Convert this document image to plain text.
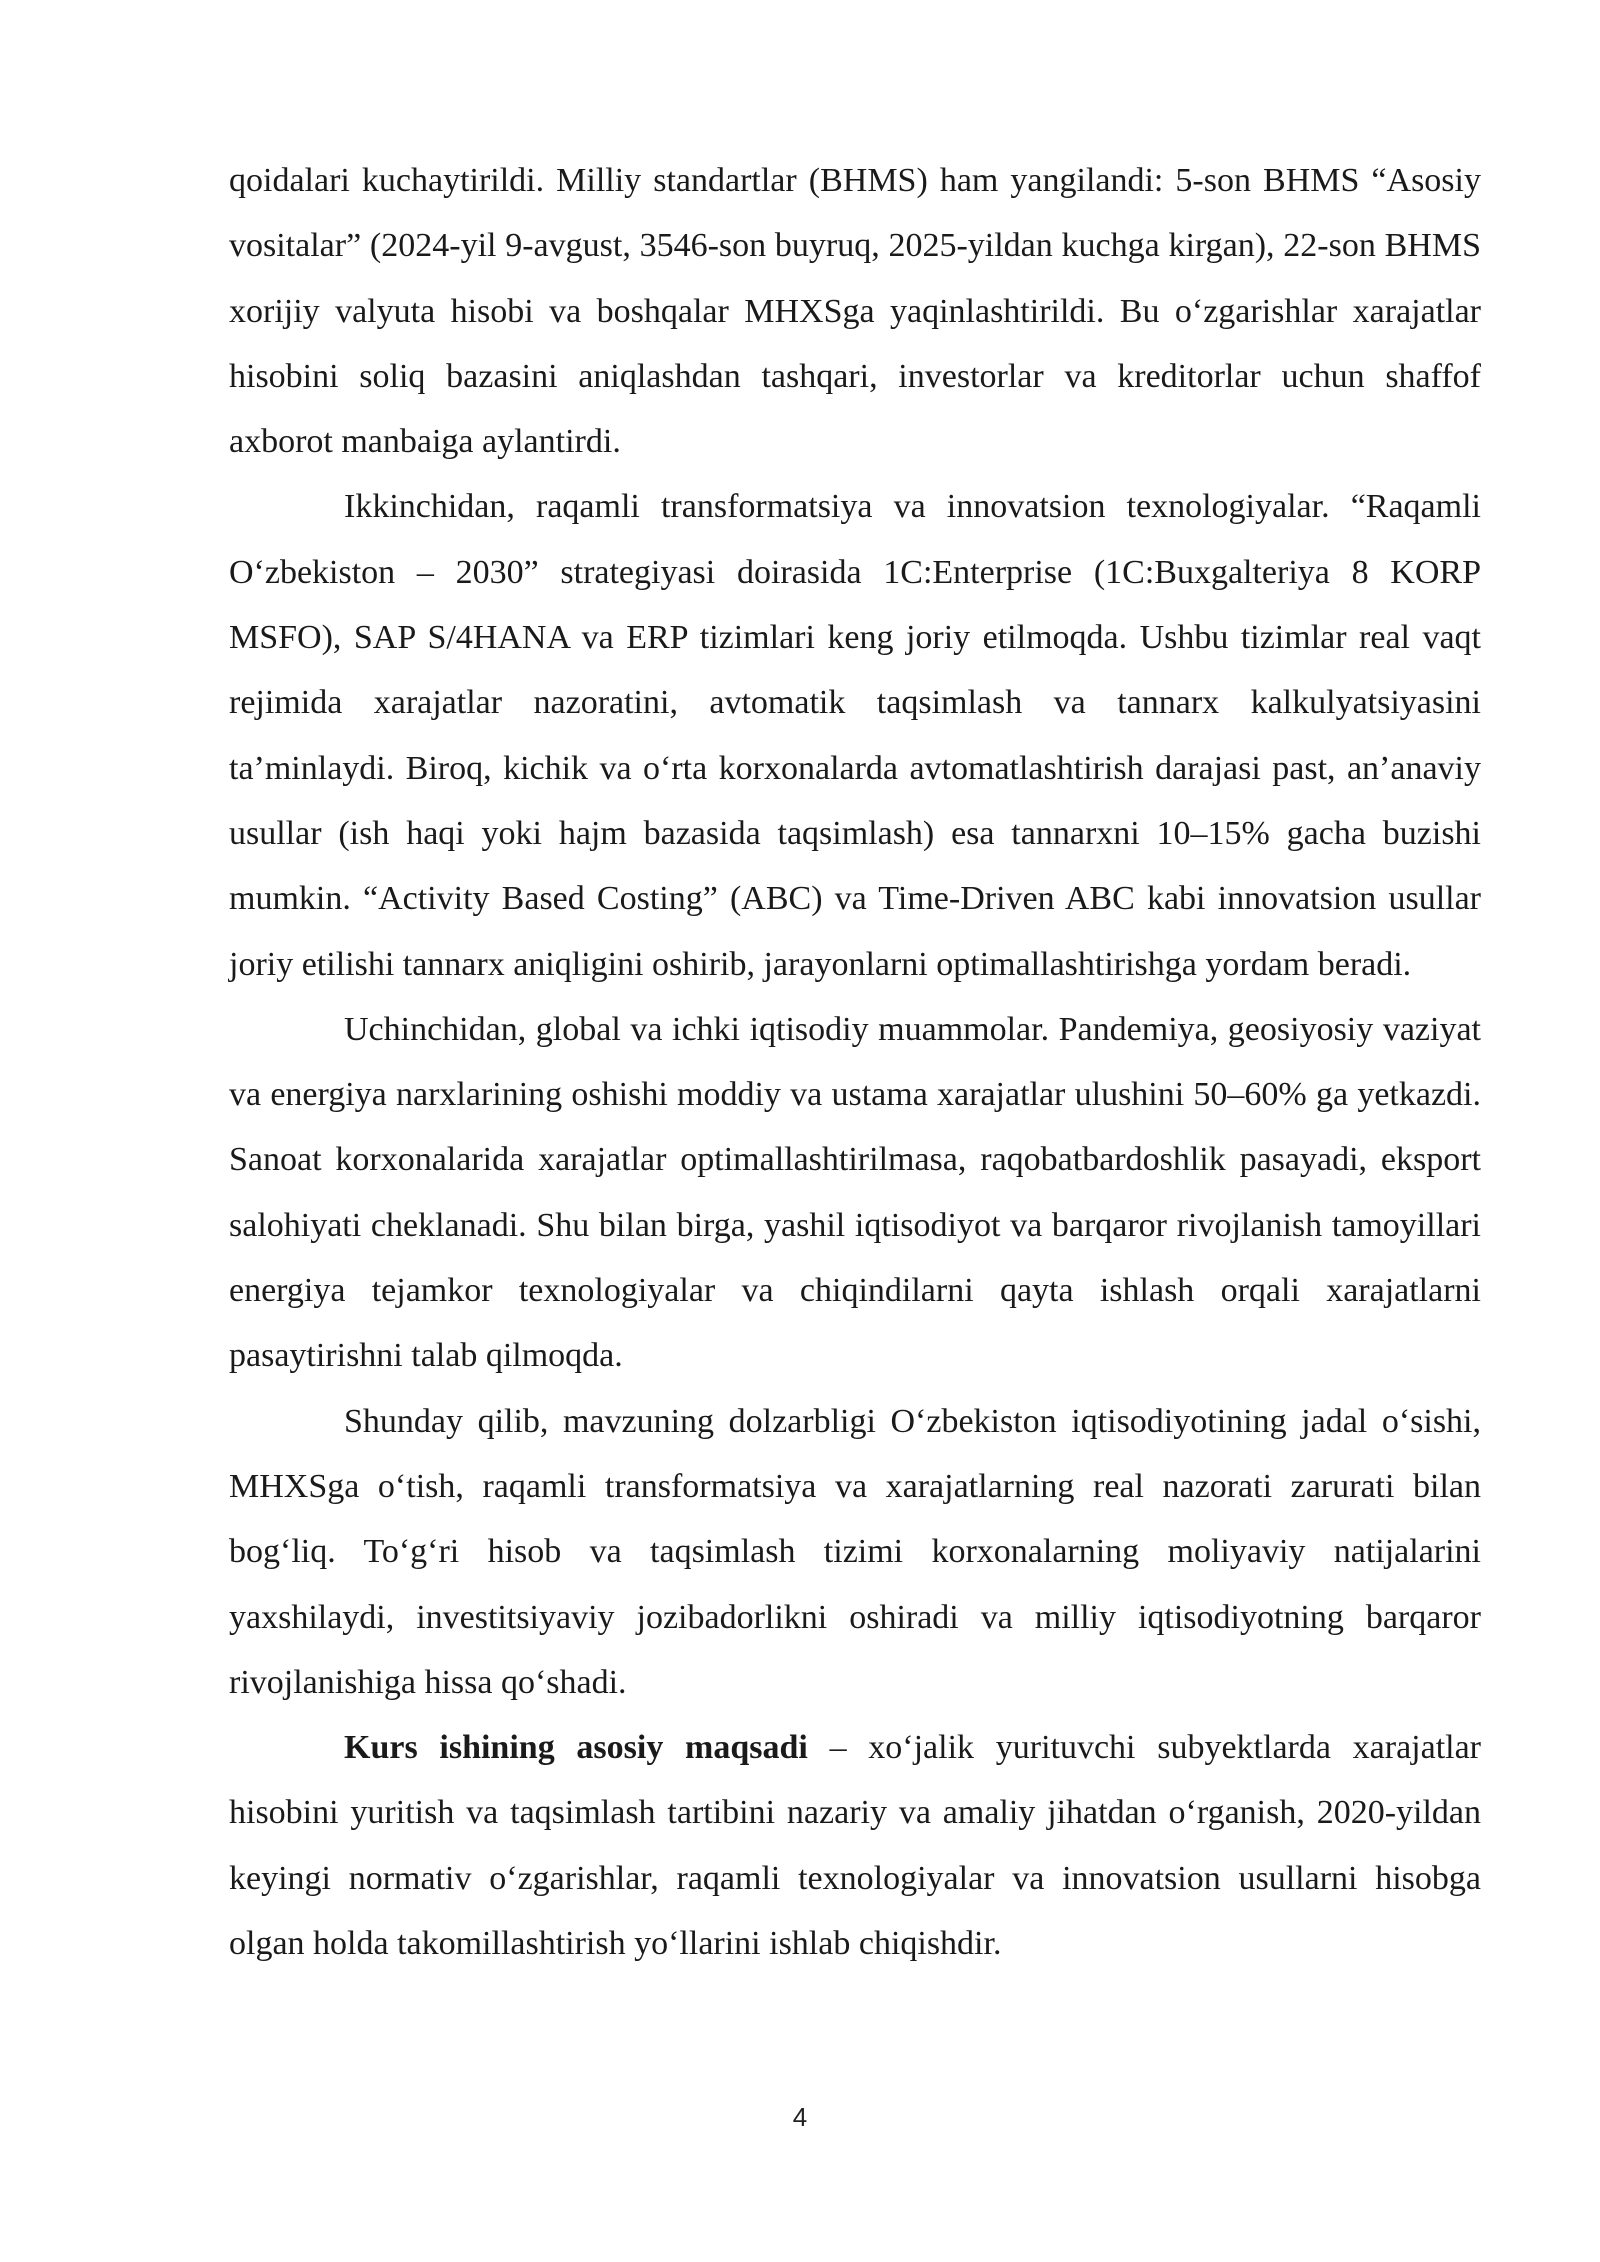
qoidalari kuchaytirildi. Milliy standartlar (BHMS) ham yangilandi: 5-son BHMS “Asosiy vositalar” (2024-yil 9-avgust, 3546-son buyruq, 2025-yildan kuchga kirgan), 22-son BHMS xorijiy valyuta hisobi va boshqalar MHXSga yaqinlashtirildi. Bu oʻzgarishlar xarajatlar hisobini soliq bazasini aniqlashdan tashqari, investorlar va kreditorlar uchun shaffof axborot manbaiga aylantirdi.

Ikkinchidan, raqamli transformatsiya va innovatsion texnologiyalar. “Raqamli Oʻzbekiston – 2030” strategiyasi doirasida 1C:Enterprise (1C:Buxgalteriya 8 KORP MSFO), SAP S/4HANA va ERP tizimlari keng joriy etilmoqda. Ushbu tizimlar real vaqt rejimida xarajatlar nazoratini, avtomatik taqsimlash va tannarx kalkulyatsiyasini ta’minlaydi. Biroq, kichik va oʻrta korxonalarda avtomatlashtirish darajasi past, an’anaviy usullar (ish haqi yoki hajm bazasida taqsimlash) esa tannarxni 10–15% gacha buzishi mumkin. “Activity Based Costing” (ABC) va Time-Driven ABC kabi innovatsion usullar joriy etilishi tannarx aniqligini oshirib, jarayonlarni optimallashtirishga yordam beradi.

Uchinchidan, global va ichki iqtisodiy muammolar. Pandemiya, geosiyosiy vaziyat va energiya narxlarining oshishi moddiy va ustama xarajatlar ulushini 50–60% ga yetkazdi. Sanoat korxonalarida xarajatlar optimallashtirilmasa, raqobatbardoshlik pasayadi, eksport salohiyati cheklanadi. Shu bilan birga, yashil iqtisodiyot va barqaror rivojlanish tamoyillari energiya tejamkor texnologiyalar va chiqindilarni qayta ishlash orqali xarajatlarni pasaytirishni talab qilmoqda.

Shunday qilib, mavzuning dolzarbligi Oʻzbekiston iqtisodiyotining jadal oʻsishi, MHXSga oʻtish, raqamli transformatsiya va xarajatlarning real nazorati zarurati bilan bogʻliq. Toʻgʻri hisob va taqsimlash tizimi korxonalarning moliyaviy natijalarini yaxshilaydi, investitsiyaviy jozibadorlikni oshiradi va milliy iqtisodiyotning barqaror rivojlanishiga hissa qoʻshadi.

Kurs ishining asosiy maqsadi – xoʻjalik yurituvchi subyektlarda xarajatlar hisobini yuritish va taqsimlash tartibini nazariy va amaliy jihatdan oʻrganish, 2020-yildan keyingi normativ oʻzgarishlar, raqamli texnologiyalar va innovatsion usullarni hisobga olgan holda takomillashtirish yoʻllarini ishlab chiqishdir.

4
